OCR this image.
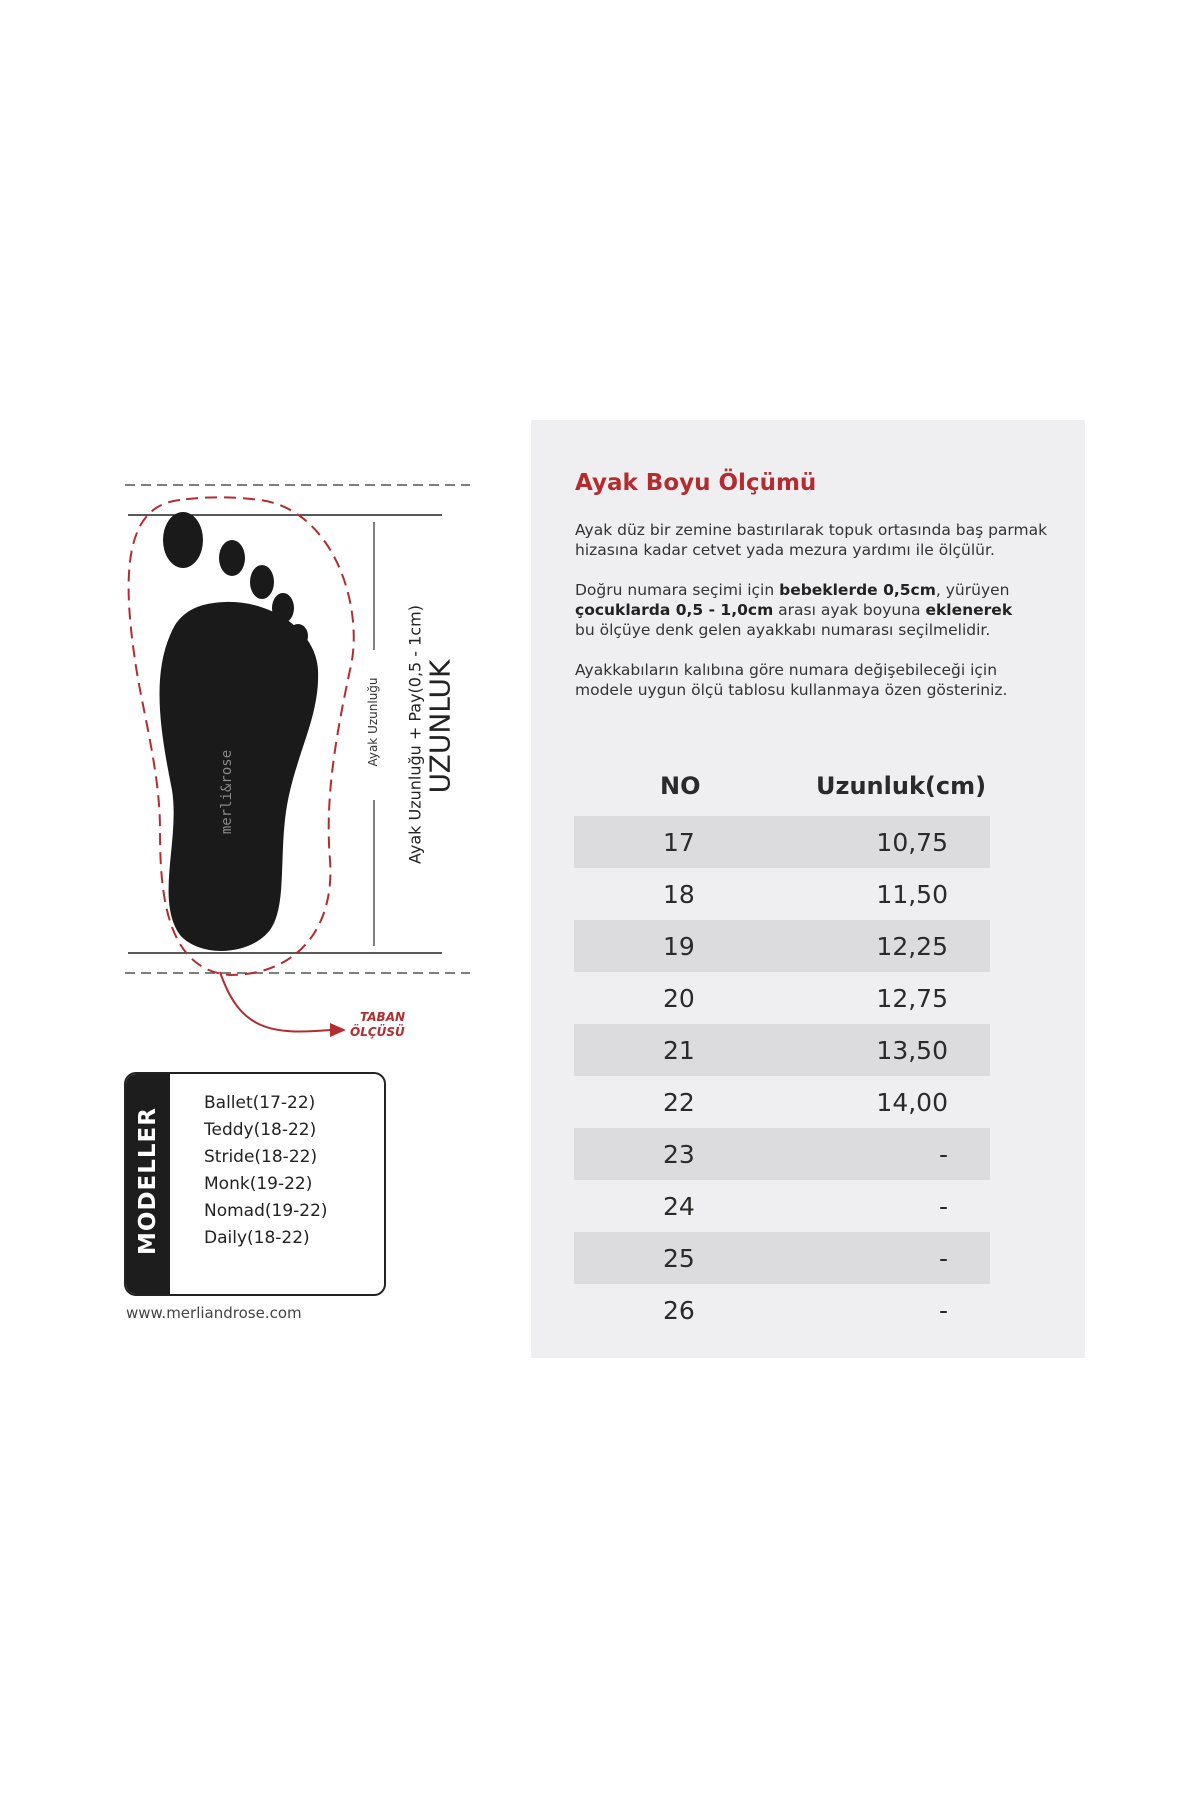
merli&rose
Ayak Uzunluğu Ayak Uzunluğu + Pay(0,5 - 1cm) UZUNLUK
TABAN
ÖLÇÜSÜ
MODELLER
Ballet(17-22)
Teddy(18-22)
Stride(18-22)
Monk(19-22)
Nomad(19-22)
Daily(18-22)
www.merliandrose.com
Ayak Boyu Ölçümü

Ayak düz bir zemine bastırılarak topuk ortasında baş parmak
hizasına kadar cetvet yada mezura yardımı ile ölçülür.

Doğru numara seçimi için bebeklerde 0,5cm, yürüyen
çocuklarda 0,5 - 1,0cm arası ayak boyuna eklenerek
bu ölçüye denk gelen ayakkabı numarası seçilmelidir.

Ayakkabıların kalıbına göre numara değişebileceği için
modele uygun ölçü tablosu kullanmaya özen gösteriniz.

NO	Uzunluk(cm)
17	10,75
18	11,50
19	12,25
20	12,75
21	13,50
22	14,00
23	-
24	-
25	-
26	-
